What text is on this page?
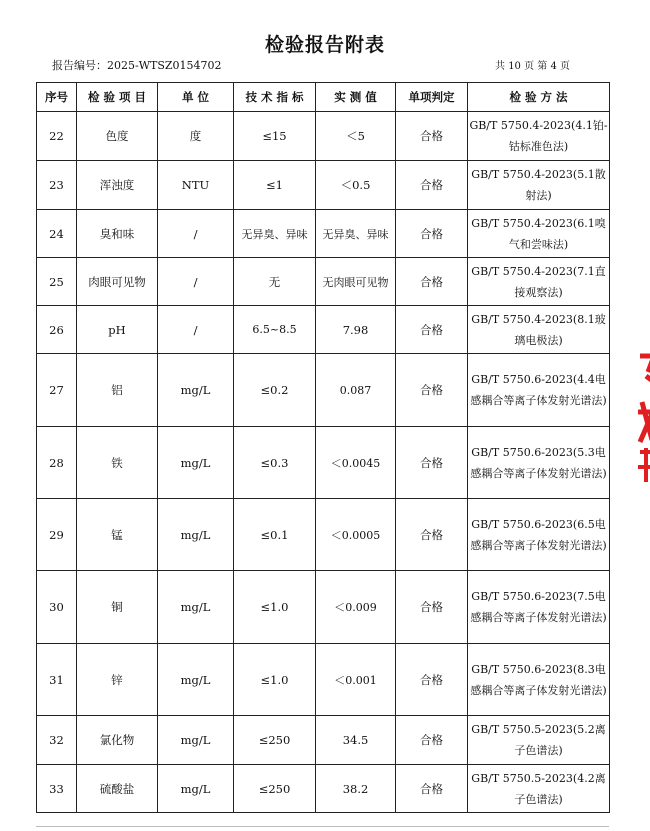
检验报告附表
报告编号：2025-WTSZ0154702	共 10 页 第 4 页
序号	检 验 项 目	单 位	技 术 指 标	实 测 值	单项判定	检 验 方 法
22	色度	度	≤15	＜5	合格	GB/T 5750.4-2023(4.1铂-钴标准色法)
23	浑浊度	NTU	≤1	＜0.5	合格	GB/T 5750.4-2023(5.1散射法)
24	臭和味	/	无异臭、异味	无异臭、异味	合格	GB/T 5750.4-2023(6.1嗅气和尝味法)
25	肉眼可见物	/	无	无肉眼可见物	合格	GB/T 5750.4-2023(7.1直接观察法)
26	pH	/	6.5~8.5	7.98	合格	GB/T 5750.4-2023(8.1玻璃电极法)
27	铝	mg/L	≤0.2	0.087	合格	GB/T 5750.6-2023(4.4电感耦合等离子体发射光谱法)
28	铁	mg/L	≤0.3	＜0.0045	合格	GB/T 5750.6-2023(5.3电感耦合等离子体发射光谱法)
29	锰	mg/L	≤0.1	＜0.0005	合格	GB/T 5750.6-2023(6.5电感耦合等离子体发射光谱法)
30	铜	mg/L	≤1.0	＜0.009	合格	GB/T 5750.6-2023(7.5电感耦合等离子体发射光谱法)
31	锌	mg/L	≤1.0	＜0.001	合格	GB/T 5750.6-2023(8.3电感耦合等离子体发射光谱法)
32	氯化物	mg/L	≤250	34.5	合格	GB/T 5750.5-2023(5.2离子色谱法)
33	硫酸盐	mg/L	≤250	38.2	合格	GB/T 5750.5-2023(4.2离子色谱法)
